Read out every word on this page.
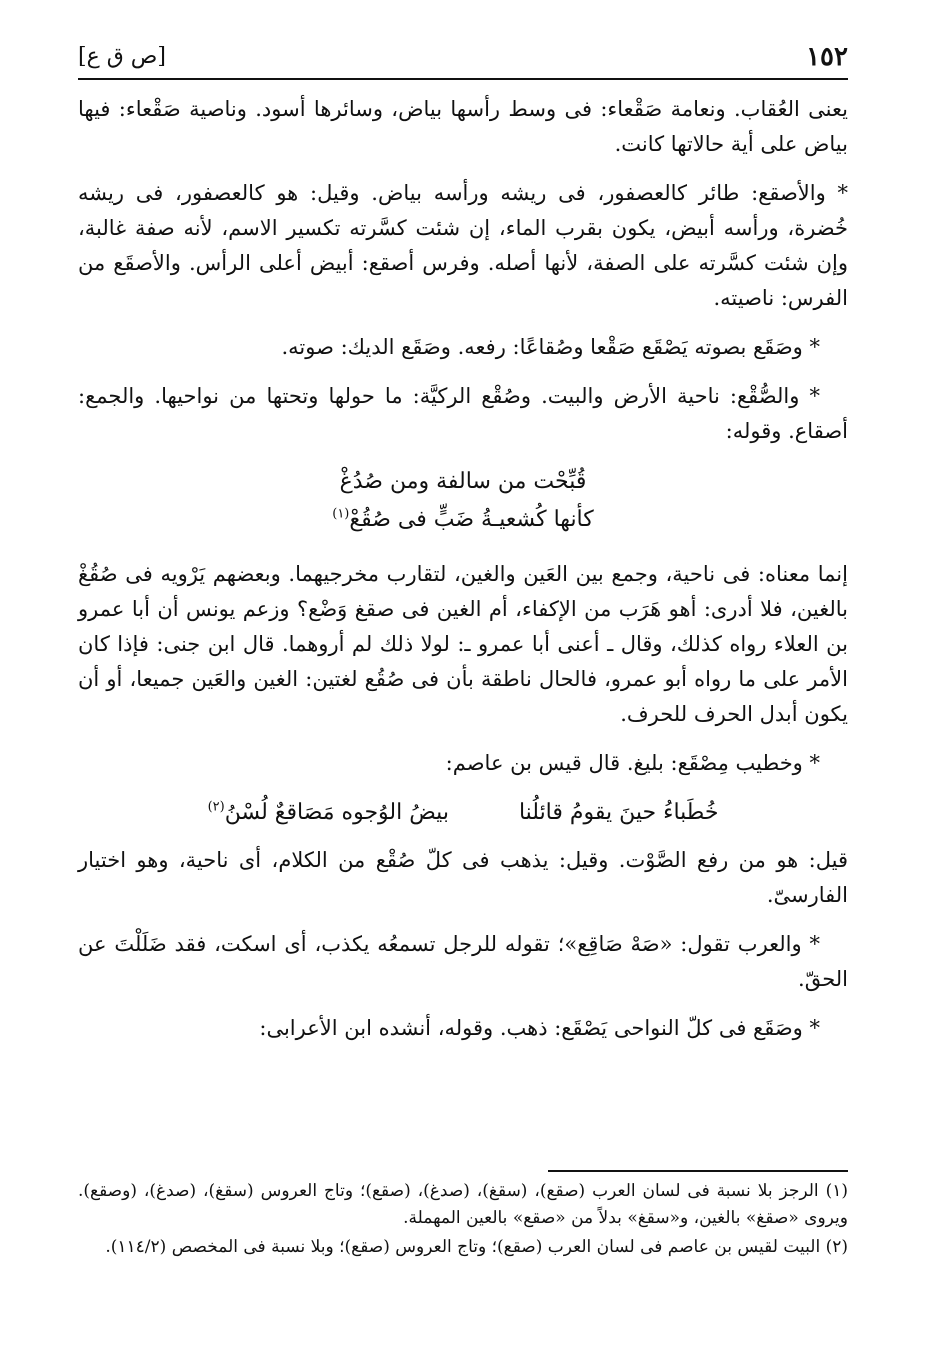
١٥٢
[ص ق ع]

يعنى العُقاب. ونعامة صَقْعاء: فى وسط رأسها بياض، وسائرها أسود. وناصية صَقْعاء: فيها بياض على أية حالاتها كانت.

* والأصقع: طائر كالعصفور، فى ريشه ورأسه بياض. وقيل: هو كالعصفور، فى ريشه خُضرة، ورأسه أبيض، يكون بقرب الماء، إن شئت كسَّرته تكسير الاسم، لأنه صفة غالبة، وإن شئت كسَّرته على الصفة، لأنها أصله. وفرس أصقع: أبيض أعلى الرأس. والأصقَع من الفرس: ناصيته.

* وصَقَع بصوته يَصْقَع صَقْعا وصُقاعًا: رفعه. وصَقَع الديك: صوته.

* والصُّقْع: ناحية الأرض والبيت. وصُقْع الركيَّة: ما حولها وتحتها من نواحيها. والجمع: أصقاع. وقوله:

قُبِّحْت من سالفة ومن صُدُغْ
كأنها كُشعيـةُ ضَبٍّ فى صُقُعْ$^{(١)}$

إنما معناه: فى ناحية، وجمع بين العَين والغين، لتقارب مخرجيهما. وبعضهم يَرْويه فى صُقُغْ بالغين، فلا أدرى: أهو هَرَب من الإكفاء، أم الغين فى صقغ وَضْع؟ وزعم يونس أن أبا عمرو بن العلاء رواه كذلك، وقال ـ أعنى أبا عمرو ـ: لولا ذلك لم أروهما. قال ابن جنى: فإذا كان الأمر على ما رواه أبو عمرو، فالحال ناطقة بأن فى صُقُع لغتين: الغين والعَين جميعا، أو أن يكون أبدل الحرف للحرف.

* وخطيب مِصْقَع: بليغ. قال قيس بن عاصم:

خُطَباءُ حينَ يقومُ قائلُنا
بيضُ الوُجوه مَصَاقعٌ لُسْنُ$^{(٢)}$

قيل: هو من رفع الصَّوْت. وقيل: يذهب فى كلّ صُقْع من الكلام، أى ناحية، وهو اختيار الفارسىّ.

* والعرب تقول: «صَهْ صَاقِع»؛ تقوله للرجل تسمعُه يكذب، أى اسكت، فقد ضَلَلْتَ عن الحقّ.

* وصَقَع فى كلّ النواحى يَصْقَع: ذهب. وقوله، أنشده ابن الأعرابى:

(١) الرجز بلا نسبة فى لسان العرب (صقع)، (سقغ)، (صدغ)، (صقع)؛ وتاج العروس (سقغ)، (صدغ)، (وصقع). ويروى «صقغ» بالغين، و«سقغ» بدلاً من «صقع» بالعين المهملة.

(٢) البيت لقيس بن عاصم فى لسان العرب (صقع)؛ وتاج العروس (صقع)؛ وبلا نسبة فى المخصص (١١٤/٢).
